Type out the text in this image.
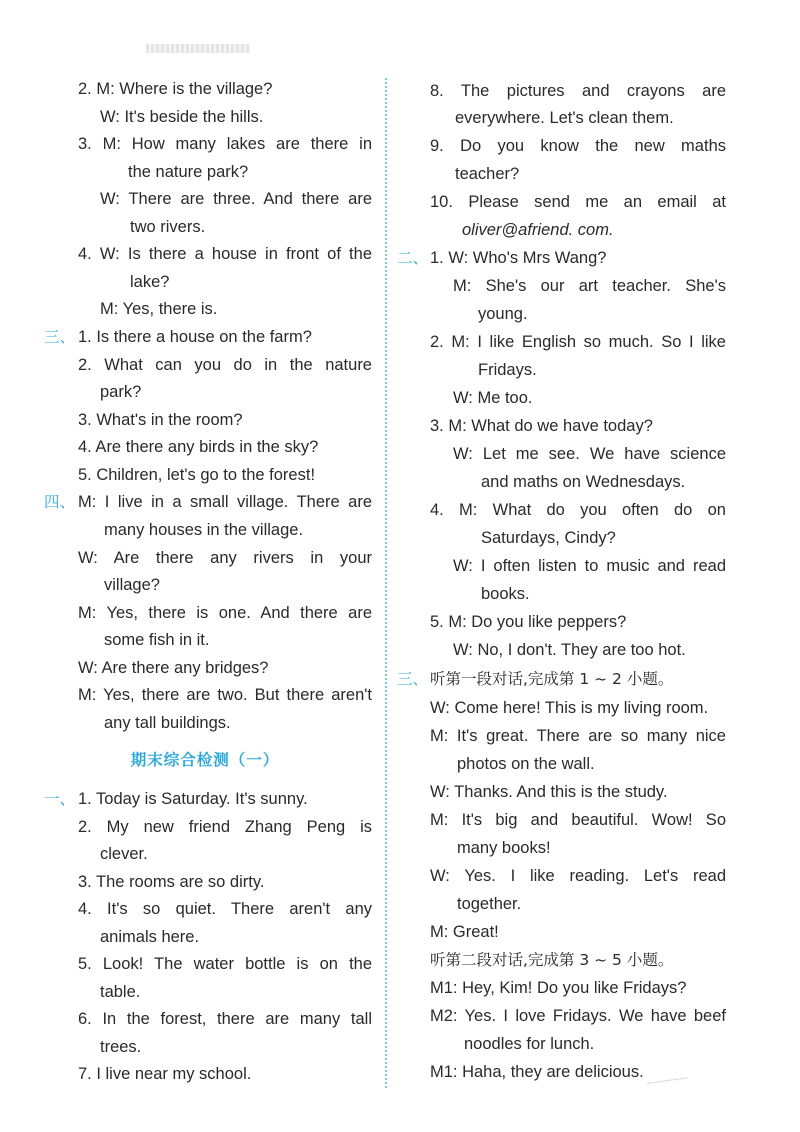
2. M: Where is the village?
W: It's beside the hills.
3. M: How many lakes are there in
the nature park?
W: There are three. And there are
two rivers.
4. W: Is there a house in front of the
lake?
M: Yes, there is.
三、 1. Is there a house on the farm?
2. What can you do in the nature
park?
3. What's in the room?
4. Are there any birds in the sky?
5. Children, let's go to the forest!
四、 M: I live in a small village. There are
many houses in the village.
W: Are there any rivers in your
village?
M: Yes, there is one. And there are
some fish in it.
W: Are there any bridges?
M: Yes, there are two. But there aren't
any tall buildings.
期末综合检测（一）
一、 1. Today is Saturday. It's sunny.
2. My new friend Zhang Peng is
clever.
3. The rooms are so dirty.
4. It's so quiet. There aren't any
animals here.
5. Look! The water bottle is on the
table.
6. In the forest, there are many tall
trees.
7. I live near my school.
8. The pictures and crayons are
everywhere. Let's clean them.
9. Do you know the new maths
teacher?
10. Please send me an email at
oliver@afriend. com.
二、 1. W: Who's Mrs Wang?
M: She's our art teacher. She's
young.
2. M: I like English so much. So I like
Fridays.
W: Me too.
3. M: What do we have today?
W: Let me see. We have science
and maths on Wednesdays.
4. M: What do you often do on
Saturdays, Cindy?
W: I often listen to music and read
books.
5. M: Do you like peppers?
W: No, I don't. They are too hot.
三、 听第一段对话,完成第 1 ~ 2 小题。
W: Come here! This is my living room.
M: It's great. There are so many nice
photos on the wall.
W: Thanks. And this is the study.
M: It's big and beautiful. Wow! So
many books!
W: Yes. I like reading. Let's read
together.
M: Great!
听第二段对话,完成第 3 ~ 5 小题。
M1: Hey, Kim! Do you like Fridays?
M2: Yes. I love Fridays. We have beef
noodles for lunch.
M1: Haha, they are delicious.
